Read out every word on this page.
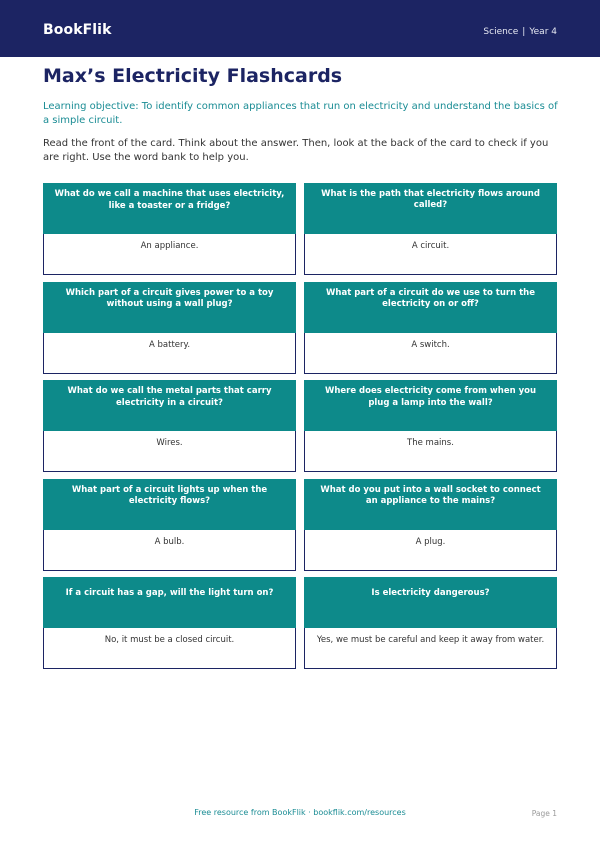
BookFlik	Science | Year 4
Max’s Electricity Flashcards

Learning objective: To identify common appliances that run on electricity and understand the basics of a simple circuit.

Read the front of the card. Think about the answer. Then, look at the back of the card to check if you are right. Use the word bank to help you.

What do we call a machine that uses electricity, like a toaster or a fridge?
An appliance.
What is the path that electricity flows around called?
A circuit.
Which part of a circuit gives power to a toy without using a wall plug?
A battery.
What part of a circuit do we use to turn the electricity on or off?
A switch.
What do we call the metal parts that carry electricity in a circuit?
Wires.
Where does electricity come from when you plug a lamp into the wall?
The mains.
What part of a circuit lights up when the electricity flows?
A bulb.
What do you put into a wall socket to connect an appliance to the mains?
A plug.
If a circuit has a gap, will the light turn on?
No, it must be a closed circuit.
Is electricity dangerous?
Yes, we must be careful and keep it away from water.
Free resource from BookFlik · bookflik.com/resources	Page 1
